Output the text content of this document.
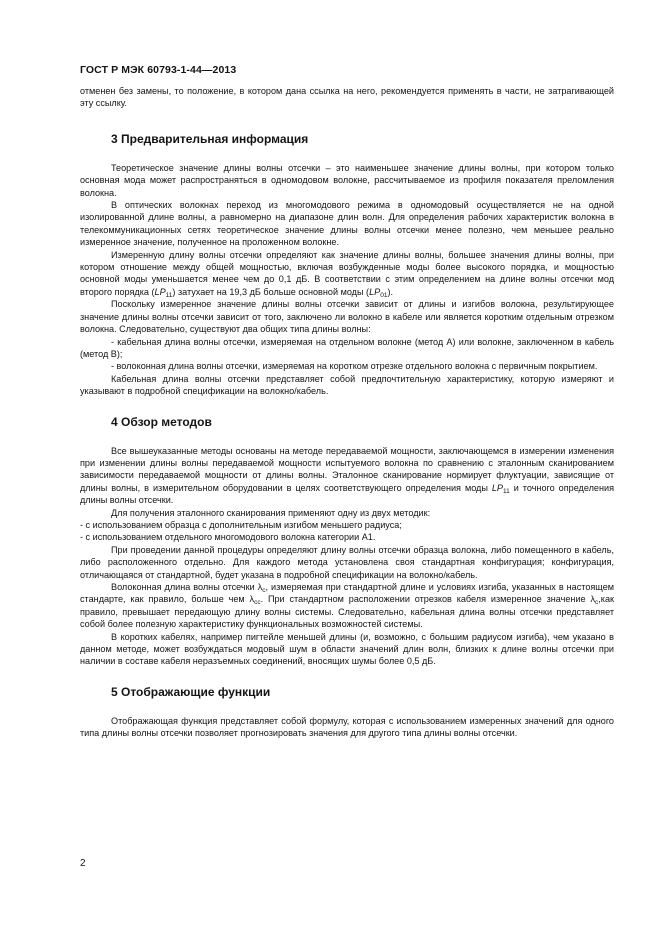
ГОСТ Р МЭК 60793-1-44—2013

отменен без замены, то положение, в котором дана ссылка на него, рекомендуется применять в части, не затрагивающей эту ссылку.

3 Предварительная информация

Теоретическое значение длины волны отсечки – это наименьшее значение длины волны, при котором только основная мода может распространяться в одномодовом волокне, рассчитываемое из профиля показателя преломления волокна.

В оптических волокнах переход из многомодового режима в одномодовый осуществляется не на одной изолированной длине волны, а равномерно на диапазоне длин волн. Для определения рабочих характеристик волокна в телекоммуникационных сетях теоретическое значение длины волны отсечки менее полезно, чем меньшее реально измеренное значение, полученное на проложенном волокне.

Измеренную длину волны отсечки определяют как значение длины волны, большее значения длины волны, при котором отношение между общей мощностью, включая возбужденные моды более высокого порядка, и мощностью основной моды уменьшается менее чем до 0,1 дБ. В соответствии с этим определением на длине волны отсечки мод второго порядка $(LP_{11})$ затухает на 19,3 дБ больше основной моды $(LP_{01})$.

Поскольку измеренное значение длины волны отсечки зависит от длины и изгибов волокна, результирующее значение длины волны отсечки зависит от того, заключено ли волокно в кабеле или является коротким отдельным отрезком волокна. Следовательно, существуют два общих типа длины волны:

- кабельная длина волны отсечки, измеряемая на отдельном волокне (метод А) или волокне, заключенном в кабель (метод В);

- волоконная длина волны отсечки, измеряемая на коротком отрезке отдельного волокна с первичным покрытием.

Кабельная длина волны отсечки представляет собой предпочтительную характеристику, которую измеряют и указывают в подробной спецификации на волокно/кабель.

4 Обзор методов

Все вышеуказанные методы основаны на методе передаваемой мощности, заключающемся в измерении изменения при изменении длины волны передаваемой мощности испытуемого волокна по сравнению с эталонным сканированием зависимости передаваемой мощности от длины волны. Эталонное сканирование нормирует флуктуации, зависящие от длины волны, в измерительном оборудовании в целях соответствующего определения моды $LP_{11}$ и точного определения длины волны отсечки.

Для получения эталонного сканирования применяют одну из двух методик:

- с использованием образца с дополнительным изгибом меньшего радиуса;

- с использованием отдельного многомодового волокна категории А1.

При проведении данной процедуры определяют длину волны отсечки образца волокна, либо помещенного в кабель, либо расположенного отдельно. Для каждого метода установлена своя стандартная конфигурация; конфигурация, отличающаяся от стандартной, будет указана в подробной спецификации на волокно/кабель.

Волоконная длина волны отсечки $\lambda_c$, измеряемая при стандартной длине и условиях изгиба, указанных в настоящем стандарте, как правило, больше чем $\lambda_{cc}$. При стандартном расположении отрезков кабеля измеренное значение $\lambda_c,как$ правило, превышает передающую длину волны системы. Следовательно, кабельная длина волны отсечки представляет собой более полезную характеристику функциональных возможностей системы.

В коротких кабелях, например пигтейле меньшей длины (и, возможно, с большим радиусом изгиба), чем указано в данном методе, может возбуждаться модовый шум в области значений длин волн, близких к длине волны отсечки при наличии в составе кабеля неразъемных соединений, вносящих шумы более 0,5 дБ.

5 Отображающие функции

Отображающая функция представляет собой формулу, которая с использованием измеренных значений для одного типа длины волны отсечки позволяет прогнозировать значения для другого типа длины волны отсечки.

2
